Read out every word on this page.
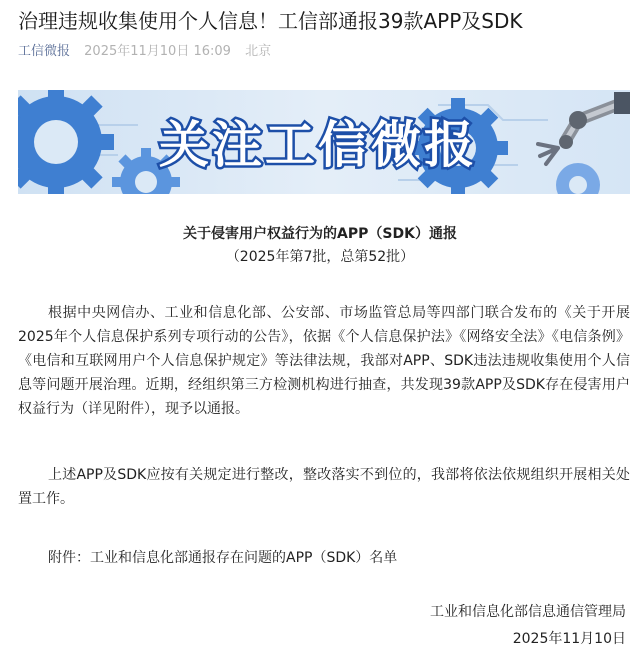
治理违规收集使用个人信息！工信部通报39款APP及SDK
工信微报 2025年11月10日 16:09 北京
关注工信微报
关于侵害用户权益行为的APP（SDK）通报
（2025年第7批，总第52批）

根据中央网信办、工业和信息化部、公安部、市场监管总局等四部门联合发布的《关于开展2025年个人信息保护系列专项行动的公告》，依据《个人信息保护法》《网络安全法》《电信条例》《电信和互联网用户个人信息保护规定》等法律法规，我部对APP、SDK违法违规收集使用个人信息等问题开展治理。近期，经组织第三方检测机构进行抽查，共发现39款APP及SDK存在侵害用户权益行为（详见附件），现予以通报。

上述APP及SDK应按有关规定进行整改，整改落实不到位的，我部将依法依规组织开展相关处置工作。

附件：工业和信息化部通报存在问题的APP（SDK）名单

工业和信息化部信息通信管理局
2025年11月10日
